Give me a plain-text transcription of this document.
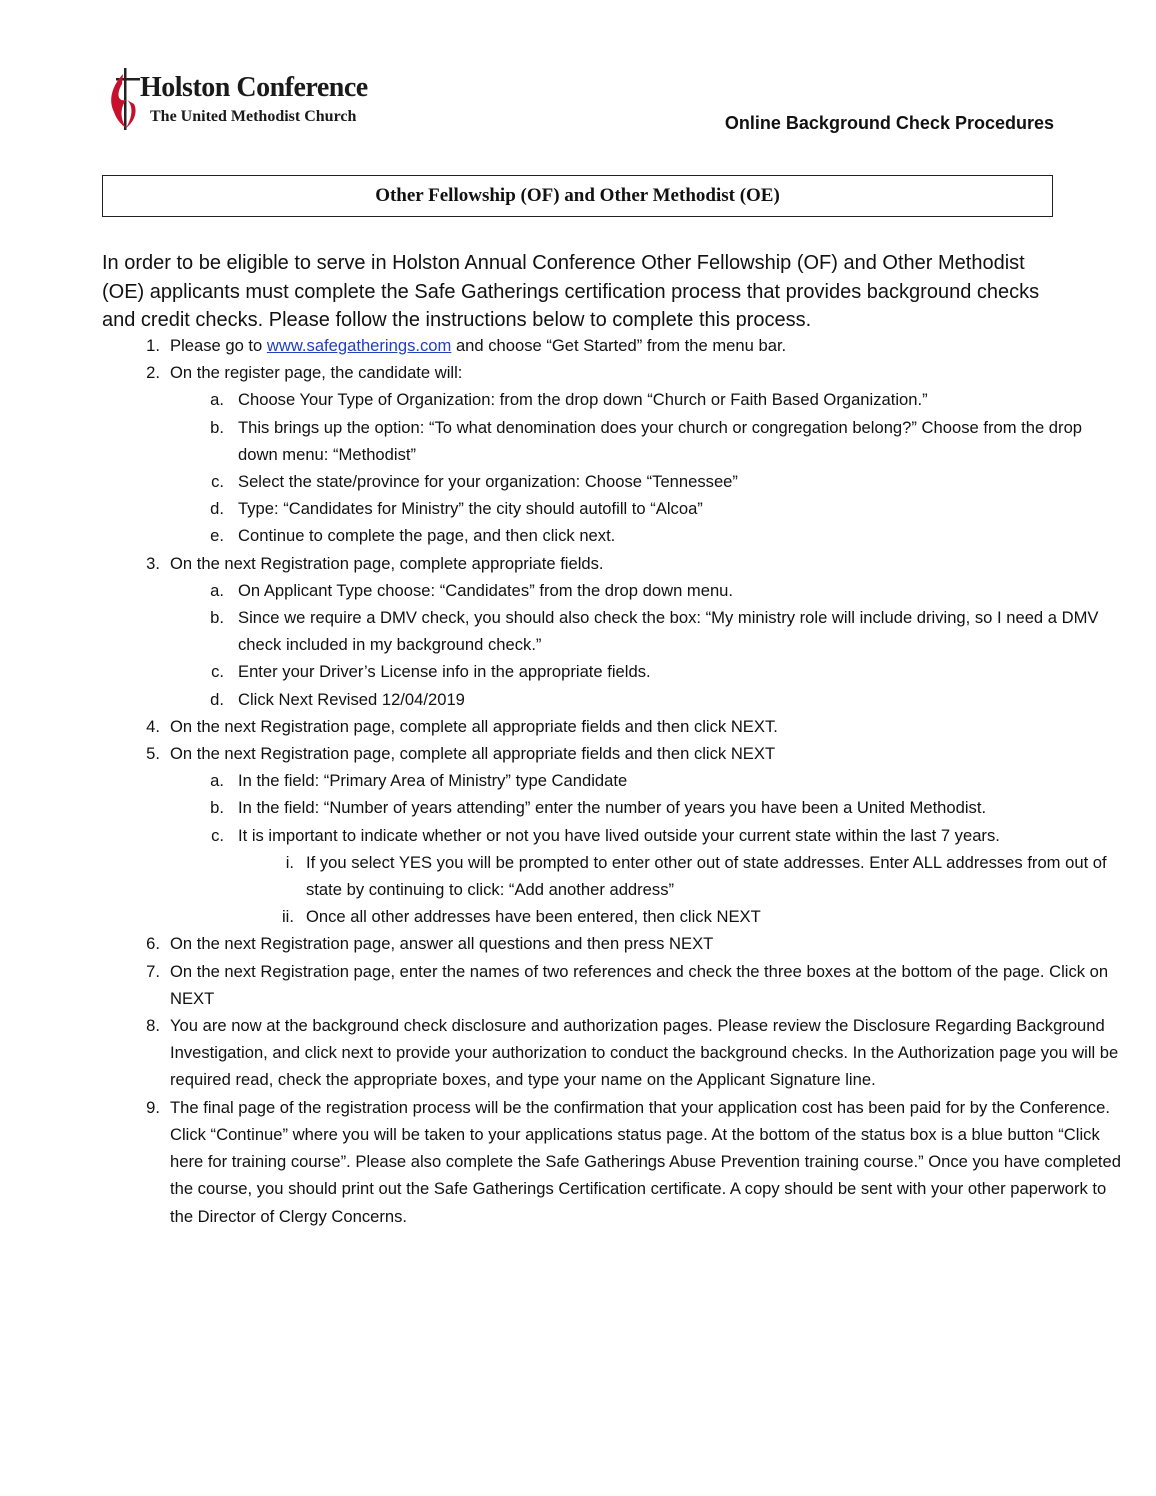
Holston Conference
The United Methodist Church	Online Background Check Procedures
Other Fellowship (OF) and Other Methodist (OE)

In order to be eligible to serve in Holston Annual Conference Other Fellowship (OF) and Other Methodist (OE) applicants must complete the Safe Gatherings certification process that provides background checks and credit checks. Please follow the instructions below to complete this process.

Please go to www.safegatherings.com and choose “Get Started” from the menu bar.
On the register page, the candidate will:
Choose Your Type of Organization: from the drop down “Church or Faith Based Organization.”
This brings up the option: “To what denomination does your church or congregation belong?” Choose from the drop down menu: “Methodist”
Select the state/province for your organization: Choose “Tennessee”
Type: “Candidates for Ministry” the city should autofill to “Alcoa”
Continue to complete the page, and then click next.
On the next Registration page, complete appropriate fields.
On Applicant Type choose: “Candidates” from the drop down menu.
Since we require a DMV check, you should also check the box: “My ministry role will include driving, so I need a DMV check included in my background check.”
Enter your Driver’s License info in the appropriate fields.
Click Next Revised 12/04/2019
On the next Registration page, complete all appropriate fields and then click NEXT.
On the next Registration page, complete all appropriate fields and then click NEXT
In the field: “Primary Area of Ministry” type Candidate
In the field: “Number of years attending” enter the number of years you have been a United Methodist.
It is important to indicate whether or not you have lived outside your current state within the last 7 years.
If you select YES you will be prompted to enter other out of state addresses. Enter ALL addresses from out of state by continuing to click: “Add another address”
Once all other addresses have been entered, then click NEXT
On the next Registration page, answer all questions and then press NEXT
On the next Registration page, enter the names of two references and check the three boxes at the bottom of the page. Click on NEXT
You are now at the background check disclosure and authorization pages. Please review the Disclosure Regarding Background Investigation, and click next to provide your authorization to conduct the background checks. In the Authorization page you will be required read, check the appropriate boxes, and type your name on the Applicant Signature line.
The final page of the registration process will be the confirmation that your application cost has been paid for by the Conference. Click “Continue” where you will be taken to your applications status page. At the bottom of the status box is a blue button “Click here for training course”. Please also complete the Safe Gatherings Abuse Prevention training course.” Once you have completed the course, you should print out the Safe Gatherings Certification certificate. A copy should be sent with your other paperwork to the Director of Clergy Concerns.
